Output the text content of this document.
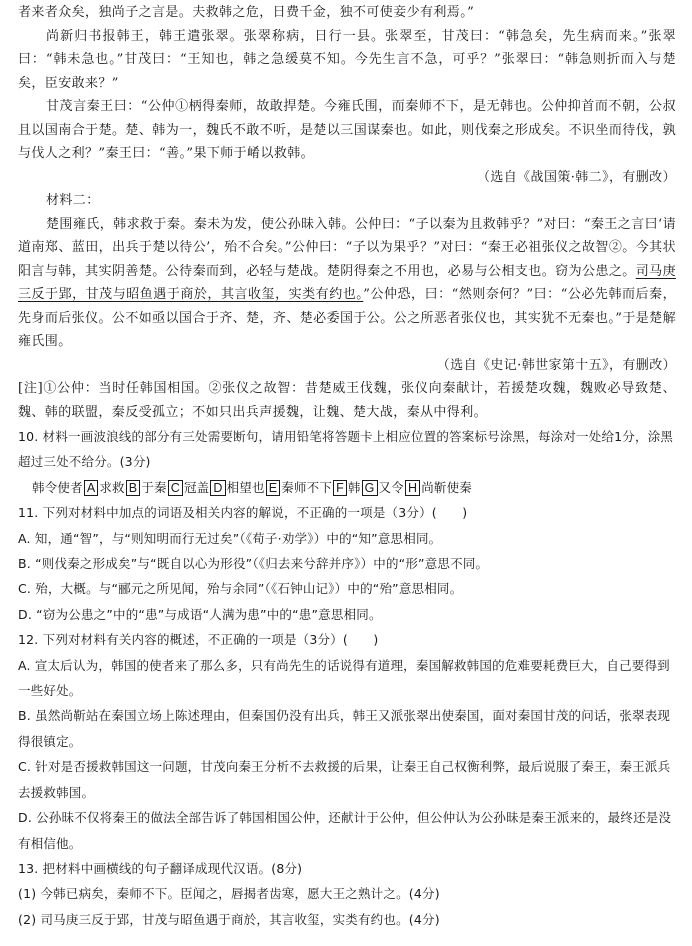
者来者众矣，独尚子之言是。夫救韩之危，日费千金，独不可使妾少有利焉。”

尚新归书报韩王，韩王遣张翠。张翠称病，日行一县。张翠至，甘茂曰：“韩急矣，先生病而来。”张翠曰：“韩未急也。”甘茂曰：“王知也，韩之急缓莫不知。今先生言不急，可乎？”张翠曰：“韩急则折而入与楚矣，臣安敢来？”

甘茂言秦王曰：“公仲①柄得秦师，故敢捍楚。今雍氏围，而秦师不下，是无韩也。公仲抑首而不朝，公叔且以国南合于楚。楚、韩为一，魏氏不敢不听，是楚以三国谋秦也。如此，则伐秦之形成矣。不识坐而待伐，孰与伐人之利？”秦王曰：“善。”果下师于崤以救韩。

（选自《战国策·韩二》，有删改）

材料二：

楚围雍氏，韩求救于秦。秦未为发，使公孙昧入韩。公仲曰：“子以秦为且救韩乎？”对曰：“秦王之言曰‘请道南郑、蓝田，出兵于楚以待公’，殆不合矣。”公仲曰：“子以为果乎？”对曰：“秦王必祖张仪之故智②。今其状阳言与韩，其实阴善楚。公待秦而到，必轻与楚战。楚阴得秦之不用也，必易与公相支也。窃为公患之。司马庚三反于郢，甘茂与昭鱼遇于商於，其言收玺，实类有约也。”公仲恐，曰：“然则奈何？”曰：“公必先韩而后秦，先身而后张仪。公不如亟以国合于齐、楚，齐、楚必委国于公。公之所恶者张仪也，其实犹不无秦也。”于是楚解雍氏围。

（选自《史记·韩世家第十五》，有删改）

[注]①公仲：当时任韩国相国。②张仪之故智：昔楚威王伐魏，张仪向秦献计，若援楚攻魏，魏败必导致楚、魏、韩的联盟，秦反受孤立；不如只出兵声援魏，让魏、楚大战，秦从中得利。

10. 材料一画波浪线的部分有三处需要断句，请用铅笔将答题卡上相应位置的答案标号涂黑，每涂对一处给1分，涂黑超过三处不给分。(3分)

韩令使者 A 求救 B 于秦 C 冠盖 D 相望也 E 秦师不下 F 韩 G 又令 H 尚靳使秦

11. 下列对材料中加点的词语及相关内容的解说，不正确的一项是（3分）(　　)

A. 知，通“智”，与“则知明而行无过矣”（《荀子·劝学》）中的“知”意思相同。

B. “则伐秦之形成矣”与“既自以心为形役”（《归去来兮辞并序》）中的“形”意思不同。

C. 殆，大概。与“郦元之所见闻，殆与余同”（《石钟山记》）中的“殆”意思相同。

D. “窃为公患之”中的“患”与成语“人满为患”中的“患”意思相同。

12. 下列对材料有关内容的概述，不正确的一项是（3分）(　　)

A. 宣太后认为，韩国的使者来了那么多，只有尚先生的话说得有道理，秦国解救韩国的危难要耗费巨大，自己要得到一些好处。

B. 虽然尚靳站在秦国立场上陈述理由，但秦国仍没有出兵，韩王又派张翠出使秦国，面对秦国甘茂的问话，张翠表现得很镇定。

C. 针对是否援救韩国这一问题，甘茂向秦王分析不去救援的后果，让秦王自己权衡利弊，最后说服了秦王，秦王派兵去援救韩国。

D. 公孙昧不仅将秦王的做法全部告诉了韩国相国公仲，还献计于公仲，但公仲认为公孙昧是秦王派来的，最终还是没有相信他。

13. 把材料中画横线的句子翻译成现代汉语。(8分)

(1) 今韩已病矣，秦师不下。臣闻之，唇揭者齿寒，愿大王之熟计之。(4分)

(2) 司马庚三反于郢，甘茂与昭鱼遇于商於，其言收玺，实类有约也。(4分)
